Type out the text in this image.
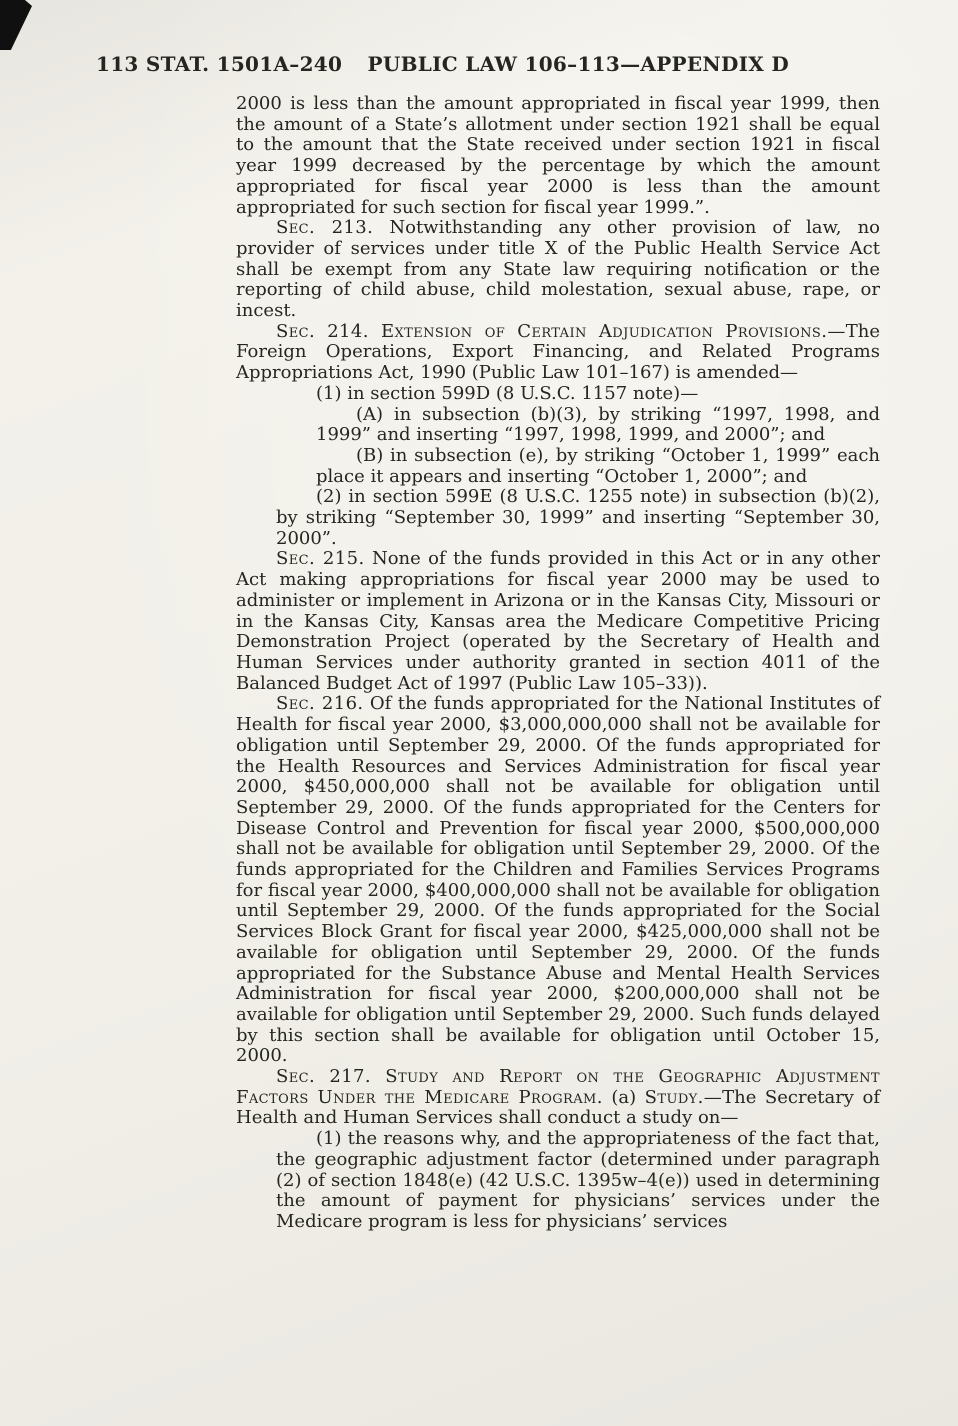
113 STAT. 1501A–240 PUBLIC LAW 106–113—APPENDIX D

2000 is less than the amount appropriated in fiscal year 1999, then the amount of a State’s allotment under section 1921 shall be equal to the amount that the State received under section 1921 in fiscal year 1999 decreased by the percentage by which the amount appropriated for fiscal year 2000 is less than the amount appropriated for such section for fiscal year 1999.”.

Sec. 213. Notwithstanding any other provision of law, no provider of services under title X of the Public Health Service Act shall be exempt from any State law requiring notification or the reporting of child abuse, child molestation, sexual abuse, rape, or incest.

Sec. 214. Extension of Certain Adjudication Provisions.—The Foreign Operations, Export Financing, and Related Programs Appropriations Act, 1990 (Public Law 101–167) is amended—

(1) in section 599D (8 U.S.C. 1157 note)—

(A) in subsection (b)(3), by striking “1997, 1998, and 1999” and inserting “1997, 1998, 1999, and 2000”; and

(B) in subsection (e), by striking “October 1, 1999” each place it appears and inserting “October 1, 2000”; and

(2) in section 599E (8 U.S.C. 1255 note) in subsection (b)(2), by striking “September 30, 1999” and inserting “September 30, 2000”.

Sec. 215. None of the funds provided in this Act or in any other Act making appropriations for fiscal year 2000 may be used to administer or implement in Arizona or in the Kansas City, Missouri or in the Kansas City, Kansas area the Medicare Competitive Pricing Demonstration Project (operated by the Secretary of Health and Human Services under authority granted in section 4011 of the Balanced Budget Act of 1997 (Public Law 105–33)).

Sec. 216. Of the funds appropriated for the National Institutes of Health for fiscal year 2000, $3,000,000,000 shall not be available for obligation until September 29, 2000. Of the funds appropriated for the Health Resources and Services Administration for fiscal year 2000, $450,000,000 shall not be available for obligation until September 29, 2000. Of the funds appropriated for the Centers for Disease Control and Prevention for fiscal year 2000, $500,000,000 shall not be available for obligation until September 29, 2000. Of the funds appropriated for the Children and Families Services Programs for fiscal year 2000, $400,000,000 shall not be available for obligation until September 29, 2000. Of the funds appropriated for the Social Services Block Grant for fiscal year 2000, $425,000,000 shall not be available for obligation until September 29, 2000. Of the funds appropriated for the Substance Abuse and Mental Health Services Administration for fiscal year 2000, $200,000,000 shall not be available for obligation until September 29, 2000. Such funds delayed by this section shall be available for obligation until October 15, 2000.

Sec. 217. Study and Report on the Geographic Adjustment Factors Under the Medicare Program. (a) Study.—The Secretary of Health and Human Services shall conduct a study on—

(1) the reasons why, and the appropriateness of the fact that, the geographic adjustment factor (determined under paragraph (2) of section 1848(e) (42 U.S.C. 1395w–4(e)) used in determining the amount of payment for physicians’ services under the Medicare program is less for physicians’ services
